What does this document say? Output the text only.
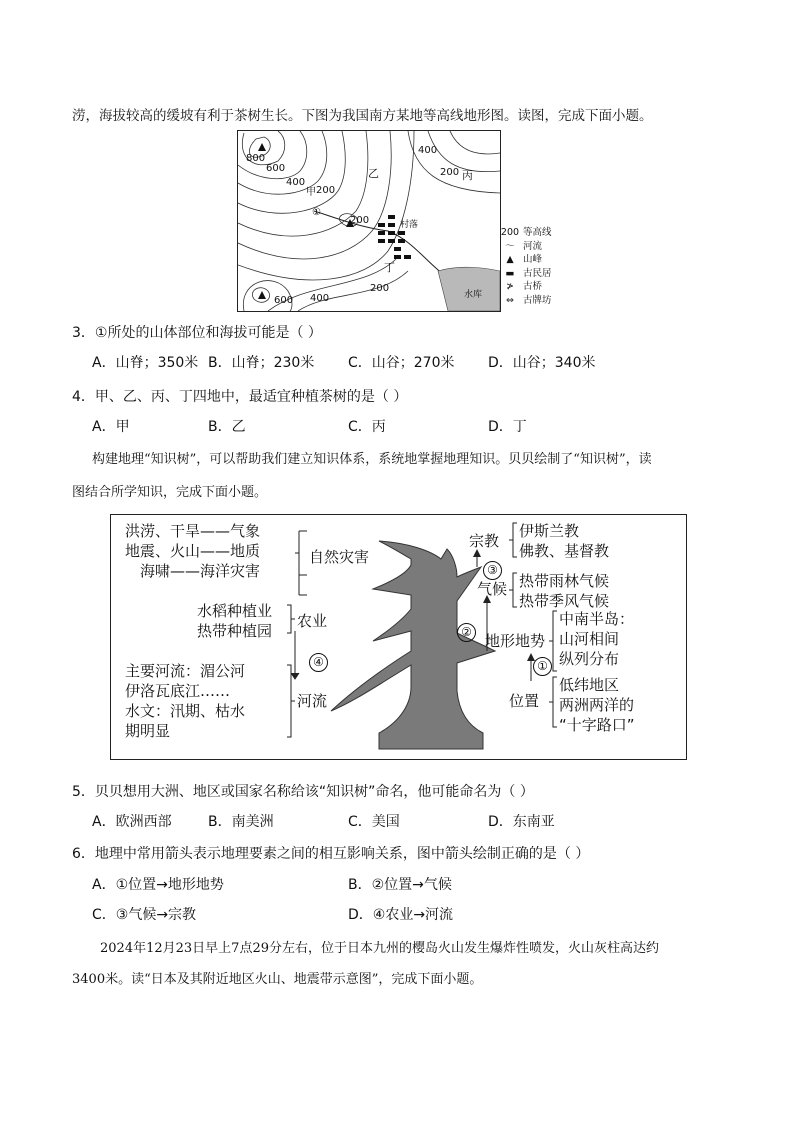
涝，海拔较高的缓坡有利于茶树生长。下图为我国南方某地等高线地形图。读图，完成下面小题。
800
600
400
200
400
200
200
600 400
200
甲
乙	丙
丁
①
村落
水库
200 等高线
〜 河流
▲ 山峰
▬ 古民居
≯ 古桥
⇔ 古牌坊
3．①所处的山体部位和海拔可能是（ ）
A．山脊；350米 B．山脊；230米 C．山谷；270米 D．山谷；340米
4．甲、乙、丙、丁四地中，最适宜种植茶树的是（ ）
A．甲	B．乙	C．丙	D．丁
构建地理“知识树”，可以帮助我们建立知识体系，系统地掌握地理知识。贝贝绘制了“知识树”，读
图结合所学知识，完成下面小题。
洪涝、干旱——气象
地震、火山——地质
海啸——海洋灾害
自然灾害
水稻种植业
热带种植园
农业
④
主要河流：湄公河
伊洛瓦底江……
水文：汛期、枯水
期明显
河流
宗教
伊斯兰教
佛教、基督教
③
气候 热带雨林气候
热带季风气候
② 地形地势
中南半岛：
山河相间
纵列分布
①
位置
低纬地区
两洲两洋的
“十字路口”
5．贝贝想用大洲、地区或国家名称给该“知识树”命名，他可能命名为（ ）
A．欧洲西部	B．南美洲	C．美国	D．东南亚
6．地理中常用箭头表示地理要素之间的相互影响关系，图中箭头绘制正确的是（ ）
A．①位置→地形地势	B．②位置→气候
C．③气候→宗教	D．④农业→河流
2024年12月23日早上7点29分左右，位于日本九州的樱岛火山发生爆炸性喷发，火山灰柱高达约
3400米。读“日本及其附近地区火山、地震带示意图”，完成下面小题。
